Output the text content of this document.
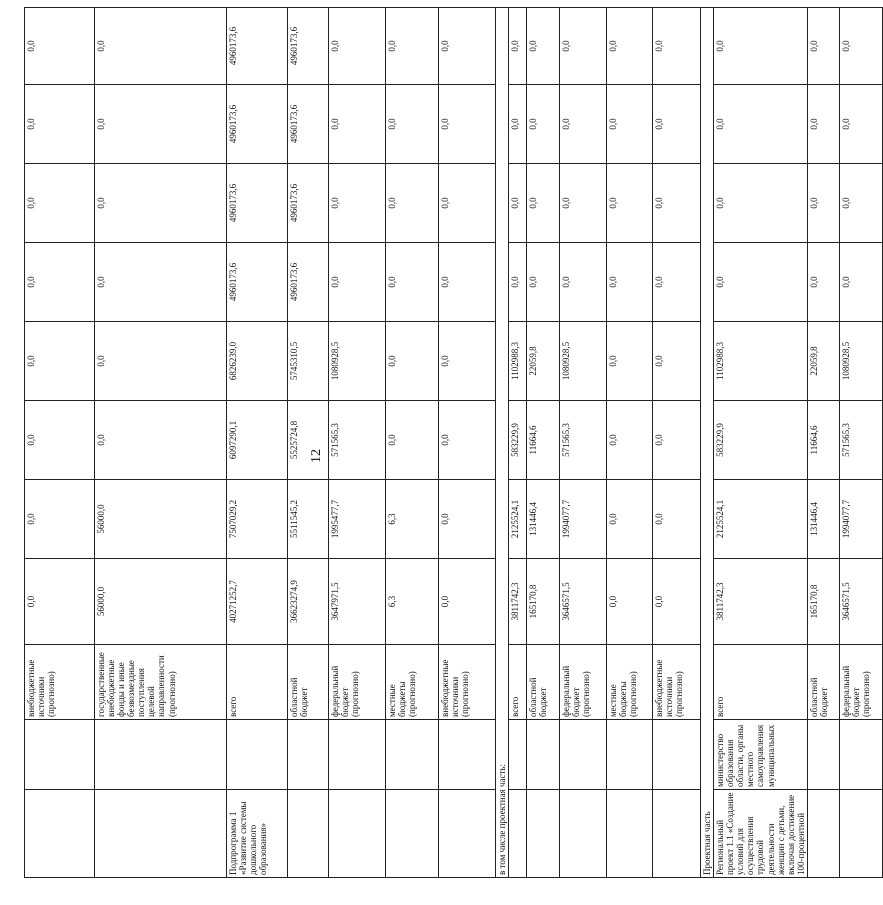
12
		внебюджетные источники (прогнозно)	0,0	0,0	0,0	0,0	0,0	0,0	0,0	0,0
		государственные внебюджетные фонды и иные безвозмездные поступления целевой направленности (прогнозно)	56000,0	56000,0	0,0	0,0	0,0	0,0	0,0	0,0
Подпрограмма 1 «Развитие системы дошкольного образования»		всего	40271252,7	7507029,2	6097290,1	6826239,0	4960173,6	4960173,6	4960173,6	4960173,6
		областной бюджет	36623274,9	5511545,2	5525724,8	5745310,5	4960173,6	4960173,6	4960173,6	4960173,6
		федеральный бюджет (прогнозно)	3647971,5	1995477,7	571565,3	1080928,5	0,0	0,0	0,0	0,0
		местные бюджеты (прогнозно)	6,3	6,3	0,0	0,0	0,0	0,0	0,0	0,0
		внебюджетные источники (прогнозно)	0,0	0,0	0,0	0,0	0,0	0,0	0,0	0,0
в том числе проектная часть:										
		всего	3811742,3	2125524,1	583229,9	1102988,3	0,0	0,0	0,0	0,0
		областной бюджет	165170,8	131446,4	11664,6	22059,8	0,0	0,0	0,0	0,0
		федеральный бюджет (прогнозно)	3646571,5	1994077,7	571565,3	1080928,5	0,0	0,0	0,0	0,0
		местные бюджеты (прогнозно)	0,0	0,0	0,0	0,0	0,0	0,0	0,0	0,0
		внебюджетные источники (прогнозно)	0,0	0,0	0,0	0,0	0,0	0,0	0,0	0,0
Проектная часть										
Региональный проект 1.1 «Создание условий для осуществления трудовой деятельности женщин с детьми, включая достижение 100-процентной	министерство образования области, органы местного самоуправления муниципальных	всего	3811742,3	2125524,1	583229,9	1102988,3	0,0	0,0	0,0	0,0
		областной бюджет	165170,8	131446,4	11664,6	22059,8	0,0	0,0	0,0	0,0
		федеральный бюджет (прогнозно)	3646571,5	1994077,7	571565,3	1080928,5	0,0	0,0	0,0	0,0
